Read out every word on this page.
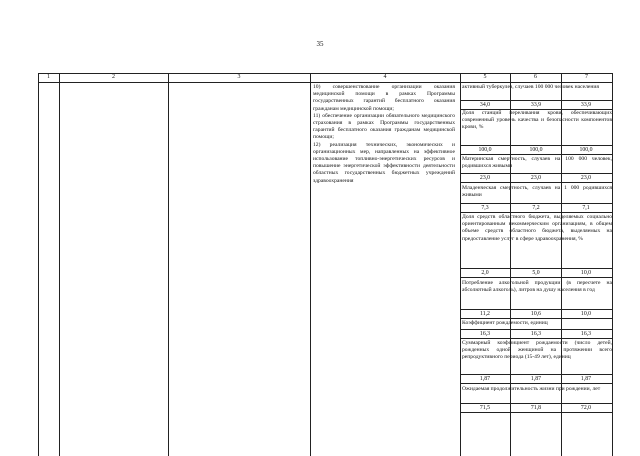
35
1	2	3	4	5	6	7

10) совершенствование организации оказания медицинской помощи в рамках Программы государственных гарантий бесплатного оказания гражданам медицинской помощи;

11) обеспечение организации обязательного медицинского страхования в рамках Программы государственных гарантий бесплатного оказания гражданам медицинской помощи;

12) реализация технических, экономических и организационных мер, направленных на эффективное использование топливно-энергетических ресурсов и повышение энергетической эффективности деятельности областных государственных бюджетных учреждений здравоохранения

активный туберкулез, случаев 100 000 человек населения

34,0	33,9	33,9

Доля станций переливания крови, обеспечивающих современный уровень качества и безопасности компонентов крови, %

100,0	100,0	100,0

Материнская смертность, случаев на 100 000 человек, родившихся живыми

23,0	23,0	23,0

Младенческая смертность, случаев на 1 000 родившихся живыми

7,3	7,2	7,1

Доля средств областного бюджета, выделяемых социально ориентированным некоммерческим организациям, в общем объеме средств областного бюджета, выделяемых на предоставление услуг в сфере здравоохранения, %

2,0	5,0	10,0

Потребление алкогольной продукции (в пересчете на абсолютный алкоголь), литров на душу населения в год

11,2	10,6	10,0

Коэффициент рождаемости, единиц

16,3	16,3	16,3

Суммарный коэффициент рождаемости (число детей, рожденных одной женщиной на протяжении всего репродуктивного периода (15-49 лет), единиц

1,87	1,87	1,87

Ожидаемая продолжительность жизни при рождении, лет

71,5	71,8	72,0
